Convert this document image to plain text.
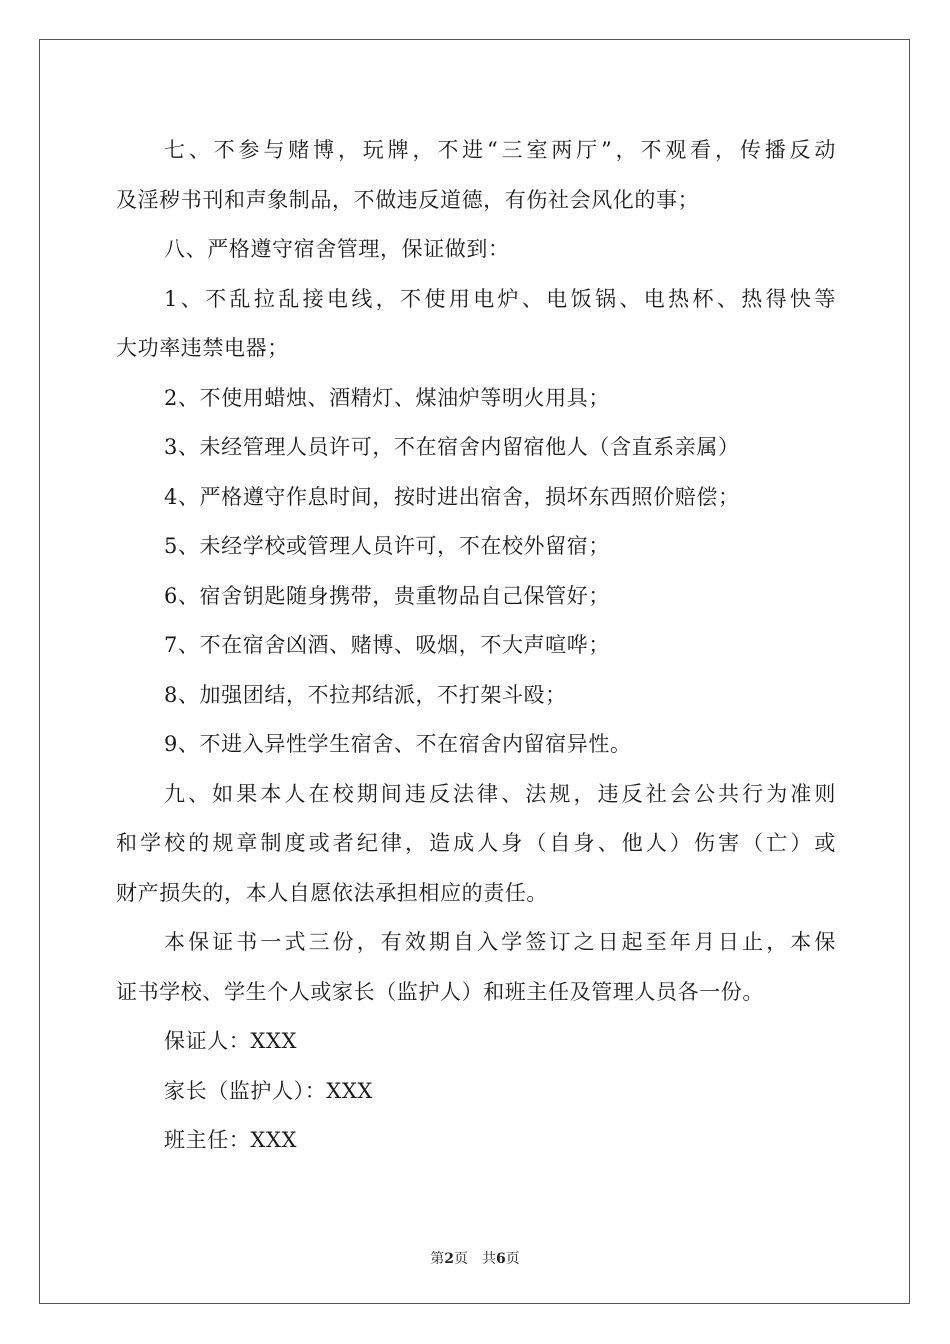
七、不参与赌博，玩牌，不进“三室两厅”，不观看，传播反动
及淫秽书刊和声象制品，不做违反道德，有伤社会风化的事；
八、严格遵守宿舍管理，保证做到：
1、不乱拉乱接电线，不使用电炉、电饭锅、电热杯、热得快等
大功率违禁电器；
2、不使用蜡烛、酒精灯、煤油炉等明火用具；
3、未经管理人员许可，不在宿舍内留宿他人（含直系亲属）
4、严格遵守作息时间，按时进出宿舍，损坏东西照价赔偿；
5、未经学校或管理人员许可，不在校外留宿；
6、宿舍钥匙随身携带，贵重物品自己保管好；
7、不在宿舍凶酒、赌博、吸烟，不大声喧哗；
8、加强团结，不拉邦结派，不打架斗殴；
9、不进入异性学生宿舍、不在宿舍内留宿异性。
九、如果本人在校期间违反法律、法规，违反社会公共行为准则
和学校的规章制度或者纪律，造成人身（自身、他人）伤害（亡）或
财产损失的，本人自愿依法承担相应的责任。
本保证书一式三份，有效期自入学签订之日起至年月日止，本保
证书学校、学生个人或家长（监护人）和班主任及管理人员各一份。
保证人：XXX
家长（监护人）：XXX
班主任：XXX
第2页　共6页
